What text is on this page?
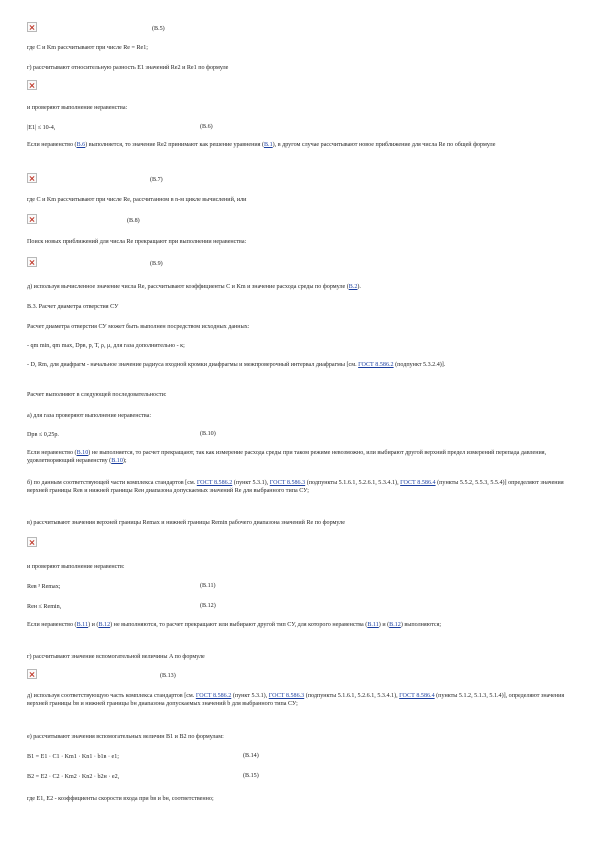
(В.5)
где C и Km рассчитывают при числе Re = Re1;
г) рассчитывают относительную разность E1 значений Re2 и Re1 по формуле
и проверяют выполнение неравенства:
|E1| ≤ 10-4,	(В.6)
Если неравенство (В.6) выполняется, то значение Re2 принимают как решение уравнения (В.1), в другом случае рассчитывают новое приближение для числа Re по общей формуле
(В.7)
где C и Km рассчитывают при числе Re, рассчитанном в n-м цикле вычислений, или
(В.8)
Поиск новых приближений для числа Re прекращают при выполнении неравенства:
(В.9)
д) используя вычисленное значение числа Re, рассчитывают коэффициенты C и Km и значение расхода среды по формуле (В.2).
В.3. Расчет диаметра отверстия СУ
Расчет диаметра отверстия СУ может быть выполнен посредством исходных данных:
- qm min, qm max, Dpв, p, T, ρ, μ, для газа дополнительно - к;
- D, Rm, для диафрагм - начальное значение радиуса входной кромки диафрагмы и межпроверочный интервал диафрагмы [см. ГОСТ 8.586.2 (подпункт 5.3.2.4)].
Расчет выполняют в следующей последовательности:
а) для газа проверяют выполнение неравенства:
Dpв ≤ 0,25p.	(В.10)
Если неравенство (В.10) не выполняется, то расчет прекращают, так как измерение расхода среды при таком режиме невозможно, или выбирают другой верхний предел измерений перепада давления, удовлетворяющий неравенству (В.10);
б) по данным соответствующей части комплекса стандартов [см. ГОСТ 8.586.2 (пункт 5.3.1), ГОСТ 8.586.3 (подпункты 5.1.6.1, 5.2.6.1, 5.3.4.1), ГОСТ 8.586.4 (пункты 5.5.2, 5.5.3, 5.5.4)] определяют значения верхней границы Reв и нижней границы Reн диапазона допускаемых значений Re для выбранного типа СУ;
в) рассчитывают значения верхней границы Remax и нижней границы Remin рабочего диапазона значений Re по формуле
и проверяют выполнение неравенств:
Reв ³ Remax;	(В.11)
Reн ≤ Remin,	(В.12)
Если неравенство (В.11) и (В.12) не выполняются, то расчет прекращают или выбирают другой тип СУ, для которого неравенства (В.11) и (В.12) выполняются;
г) рассчитывают значение вспомогательной величины A по формуле
(В.13)
д) используя соответствующую часть комплекса стандартов [см. ГОСТ 8.586.2 (пункт 5.3.1), ГОСТ 8.586.3 (подпункты 5.1.6.1, 5.2.6.1, 5.3.4.1), ГОСТ 8.586.4 (пункты 5.1.2, 5.1.3, 5.1.4)], определяют значения верхней границы bв и нижней границы bн диапазона допускаемых значений b для выбранного типа СУ;
е) рассчитывают значения вспомогательных величин B1 и B2 по формулам:
B1 = E1 · C1 · Km1 · Kn1 · b1в · e1;	(В.14)
B2 = E2 · C2 · Km2 · Kn2 · b2н · e2,	(В.15)
где E1, E2 - коэффициенты скорости входа при bв и bн, соответственно;
